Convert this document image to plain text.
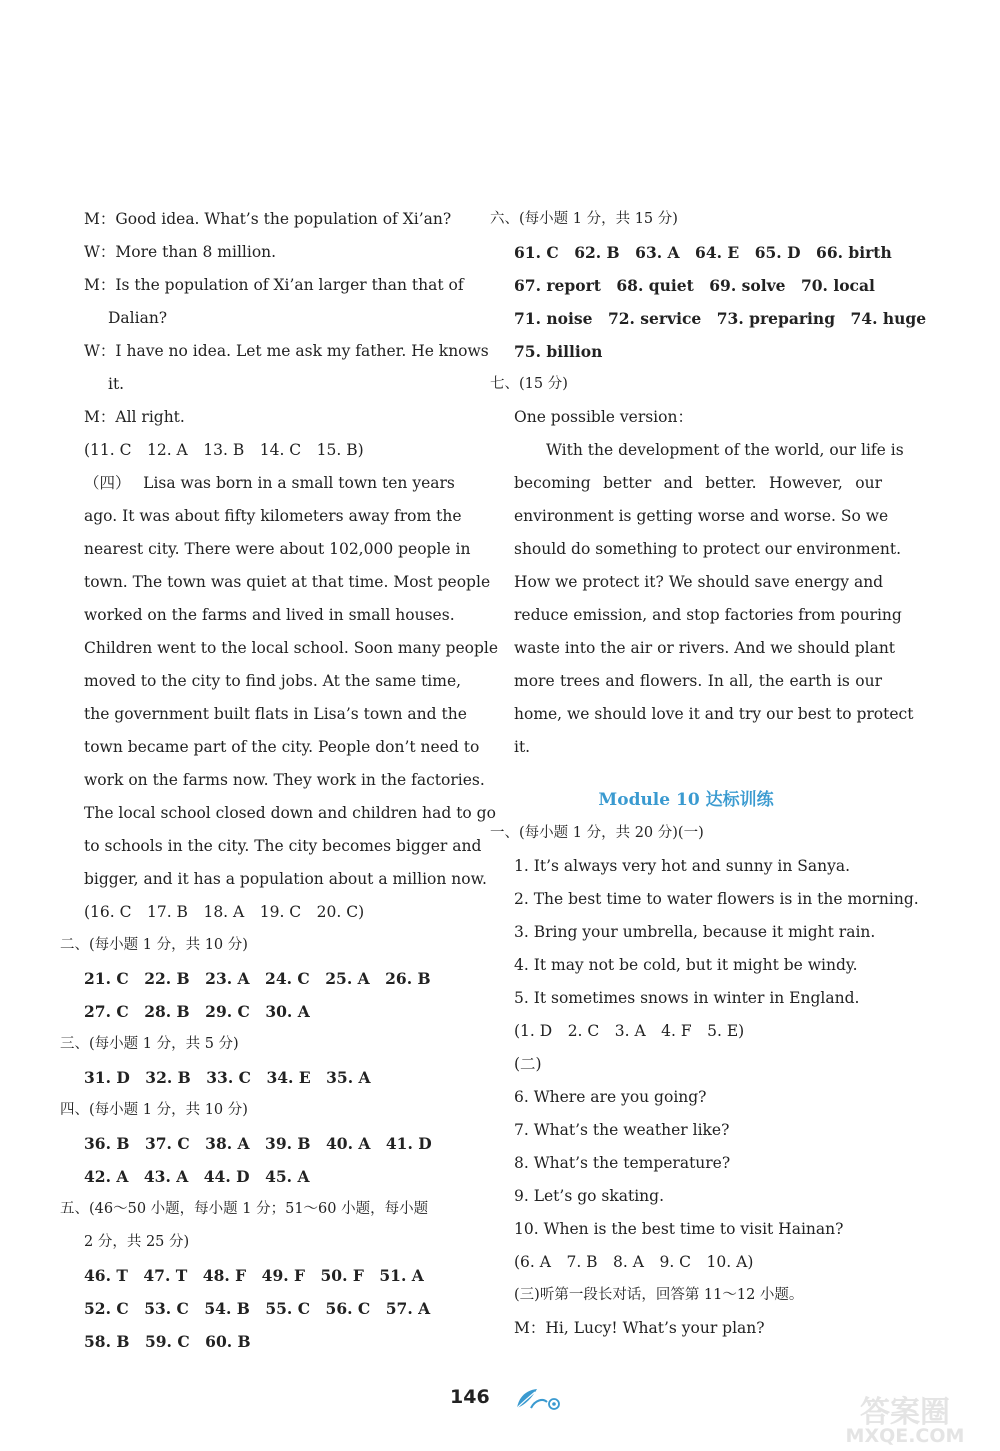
M：Good idea. What’s the population of Xi’an?
W：More than 8 million.
M：Is the population of Xi’an larger than that of
Dalian?
W：I have no idea. Let me ask my father. He knows
it.
M：All right.
(11. C　12. A　13. B　14. C　15. B)
（四）　 Lisa was born in a small town ten years
ago. It was about fifty kilometers away from the
nearest city. There were about 102,000 people in
town. The town was quiet at that time. Most people
worked on the farms and lived in small houses.
Children went to the local school. Soon many people
moved to the city to find jobs. At the same time,
the government built flats in Lisa’s town and the
town became part of the city. People don’t need to
work on the farms now. They work in the factories.
The local school closed down and children had to go
to schools in the city. The city becomes bigger and
bigger, and it has a population about a million now.
(16. C　17. B　18. A　19. C　20. C)
二、(每小题 1 分，共 10 分)
21. C　22. B　23. A　24. C　25. A　26. B
27. C　28. B　29. C　30. A
三、(每小题 1 分，共 5 分)
31. D　32. B　33. C　34. E　35. A
四、(每小题 1 分，共 10 分)
36. B　37. C　38. A　39. B　40. A　41. D
42. A　43. A　44. D　45. A
五、(46～50 小题，每小题 1 分；51～60 小题，每小题
2 分，共 25 分)
46. T　47. T　48. F　49. F　50. F　51. A
52. C　53. C　54. B　55. C　56. C　57. A
58. B　59. C　60. B
六、(每小题 1 分，共 15 分)
61. C　62. B　63. A　64. E　65. D　66. birth
67. report　68. quiet　69. solve　70. local
71. noise　72. service　73. preparing　74. huge
75. billion
七、(15 分)
One possible version：
With the development of the world, our life is
becoming better and better. However, our
environment is getting worse and worse. So we
should do something to protect our environment.
How we protect it? We should save energy and
reduce emission, and stop factories from pouring
waste into the air or rivers. And we should plant
more trees and flowers. In all, the earth is our
home, we should love it and try our best to protect
it.
Module 10 达标训练
一、(每小题 1 分，共 20 分)(一)
1. It’s always very hot and sunny in Sanya.
2. The best time to water flowers is in the morning.
3. Bring your umbrella, because it might rain.
4. It may not be cold, but it might be windy.
5. It sometimes snows in winter in England.
(1. D　2. C　3. A　4. F　5. E)
(二)
6. Where are you going?
7. What’s the weather like?
8. What’s the temperature?
9. Let’s go skating.
10. When is the best time to visit Hainan?
(6. A　7. B　8. A　9. C　10. A)
(三)听第一段长对话，回答第 11～12 小题。
M：Hi, Lucy! What’s your plan?
146	答案圈
MXQE.COM
